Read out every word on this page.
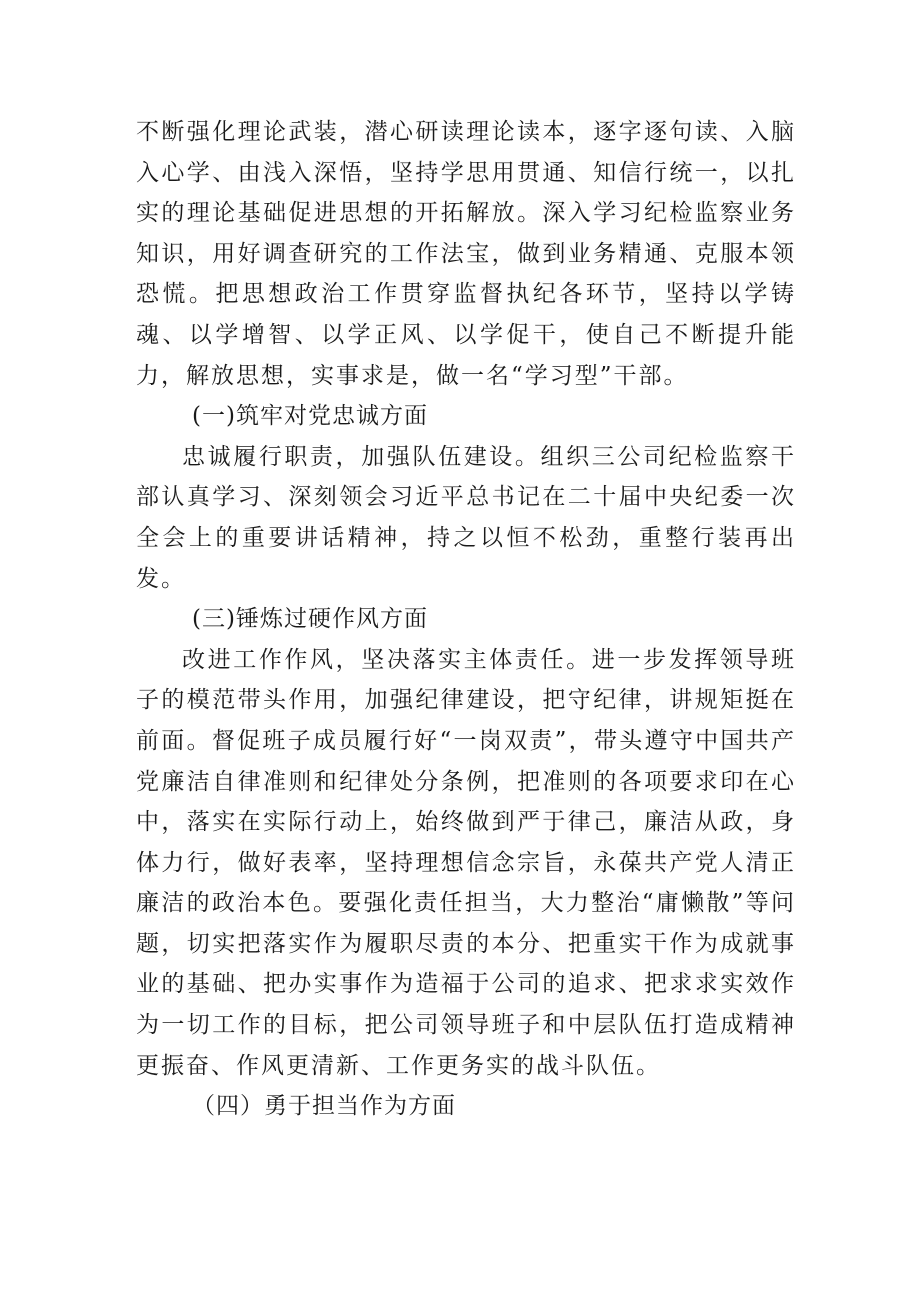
不断强化理论武装，潜心研读理论读本，逐字逐句读、入脑入心学、由浅入深悟，坚持学思用贯通、知信行统一，以扎实的理论基础促进思想的开拓解放。深入学习纪检监察业务知识，用好调查研究的工作法宝，做到业务精通、克服本领恐慌。把思想政治工作贯穿监督执纪各环节，坚持以学铸魂、以学增智、以学正风、以学促干，使自己不断提升能力，解放思想，实事求是，做一名“学习型”干部。

(一)筑牢对党忠诚方面

忠诚履行职责，加强队伍建设。组织三公司纪检监察干部认真学习、深刻领会习近平总书记在二十届中央纪委一次全会上的重要讲话精神，持之以恒不松劲，重整行装再出发。

(三)锤炼过硬作风方面

改进工作作风，坚决落实主体责任。进一步发挥领导班子的模范带头作用，加强纪律建设，把守纪律，讲规矩挺在前面。督促班子成员履行好“一岗双责”，带头遵守中国共产党廉洁自律准则和纪律处分条例，把准则的各项要求印在心中，落实在实际行动上，始终做到严于律己，廉洁从政，身体力行，做好表率，坚持理想信念宗旨，永葆共产党人清正廉洁的政治本色。要强化责任担当，大力整治“庸懒散”等问题，切实把落实作为履职尽责的本分、把重实干作为成就事业的基础、把办实事作为造福于公司的追求、把求求实效作为一切工作的目标，把公司领导班子和中层队伍打造成精神更振奋、作风更清新、工作更务实的战斗队伍。

（四）勇于担当作为方面
